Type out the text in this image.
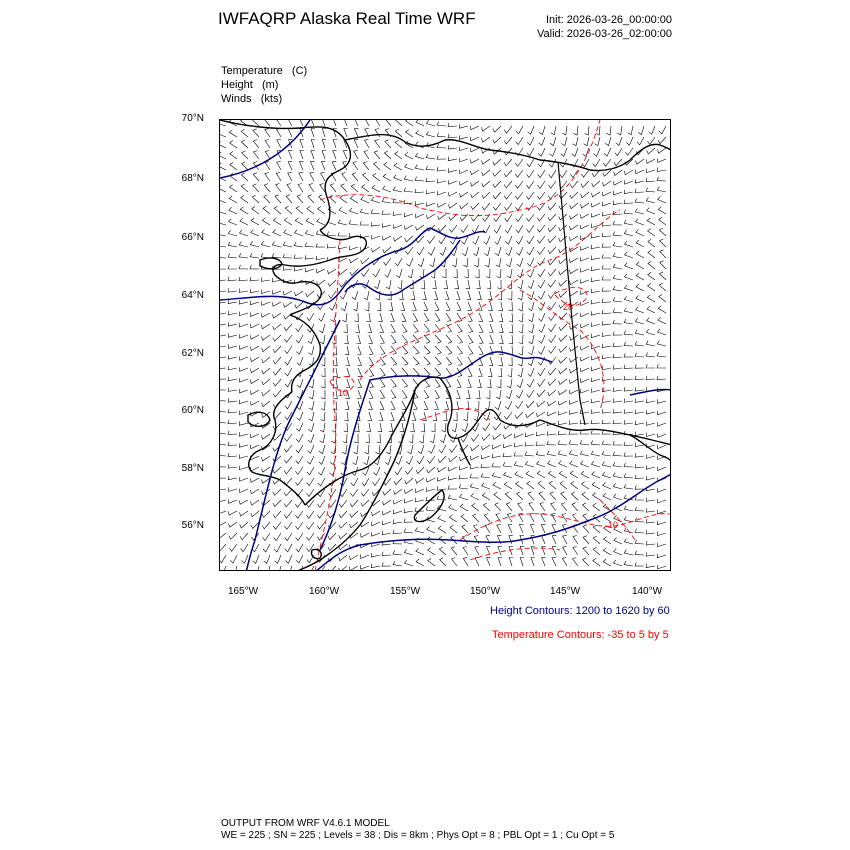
IWFAQRP Alaska Real Time WRF	Init: 2026-03-26_00:00:00
Valid: 2026-03-26_02:00:00
Temperature   (C)
Height   (m)
Winds   (kts)
70°N
68°N
66°N
64°N
62°N
60°N
58°N
56°N
165°W	160°W	155°W	150°W	145°W	140°W
28
10
10
Height Contours: 1200 to 1620 by 60
Temperature Contours: -35 to 5 by 5
OUTPUT FROM WRF V4.6.1 MODEL
WE = 225 ; SN = 225 ; Levels = 38 ; Dis = 8km ; Phys Opt = 8 ; PBL Opt = 1 ; Cu Opt = 5
